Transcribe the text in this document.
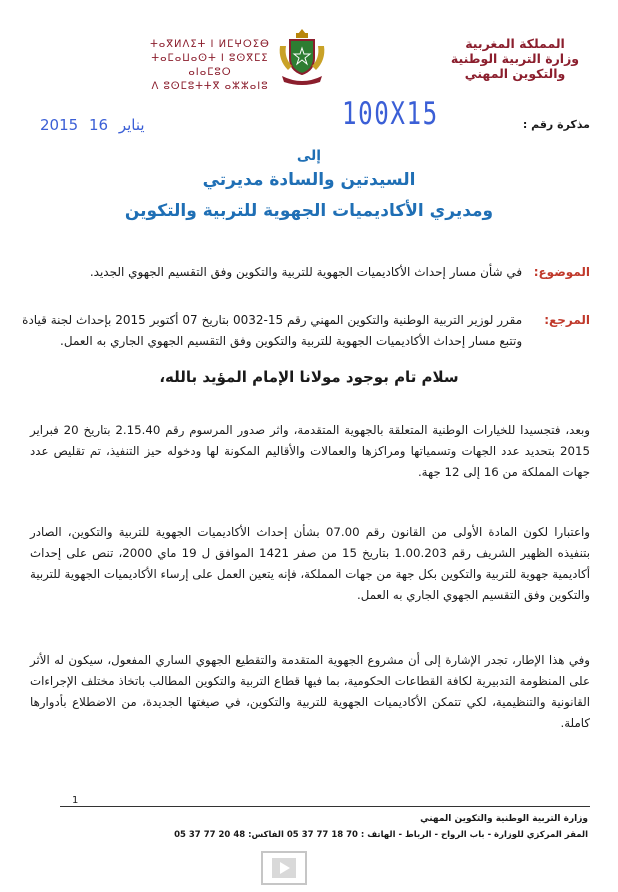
المملكة المغربية
وزارة التربية الوطنية
والتكوين المهني
ⵜⴰⴳⵍⴷⵉⵜ ⵏ ⵍⵎⵖⵔⵉⴱ
ⵜⴰⵎⴰⵡⴰⵙⵜ ⵏ ⵓⵙⴳⵎⵉ ⴰⵏⴰⵎⵓⵔ
ⴷ ⵓⵙⵎⵓⵜⵜⴳ ⴰⵣⵣⴰⵏⵓ
مذكرة رقم :
100X15
2015	يناير 16
إلى
السيدتين والسادة مديرتي
ومديري الأكاديميات الجهوية للتربية والتكوين
الموضوع: في شأن مسار إحداث الأكاديميات الجهوية للتربية والتكوين وفق التقسيم الجهوي الجديد.
المرجع: مقرر لوزير التربية الوطنية والتكوين المهني رقم 15-0032 بتاريخ 07 أكتوبر 2015 بإحداث لجنة قيادة وتتبع مسار إحداث الأكاديميات الجهوية للتربية والتكوين وفق التقسيم الجهوي الجاري به العمل.
سلام تام بوجود مولانا الإمام المؤيد بالله،
وبعد، فتجسيدا للخيارات الوطنية المتعلقة بالجهوية المتقدمة، واثر صدور المرسوم رقم 2.15.40 بتاريخ 20 فبراير 2015 بتحديد عدد الجهات وتسمياتها ومراكزها والعمالات والأقاليم المكونة لها ودخوله حيز التنفيذ، تم تقليص عدد جهات المملكة من 16 إلى 12 جهة.
واعتبارا لكون المادة الأولى من القانون رقم 07.00 بشأن إحداث الأكاديميات الجهوية للتربية والتكوين، الصادر بتنفيذه الظهير الشريف رقم 1.00.203 بتاريخ 15 من صفر 1421 الموافق ل 19 ماي 2000، تنص على إحداث أكاديمية جهوية للتربية والتكوين بكل جهة من جهات المملكة، فإنه يتعين العمل على إرساء الأكاديميات الجهوية للتربية والتكوين وفق التقسيم الجهوي الجاري به العمل.
وفي هذا الإطار، تجدر الإشارة إلى أن مشروع الجهوية المتقدمة والتقطيع الجهوي الساري المفعول، سيكون له الأثر على المنظومة التدبيرية لكافة القطاعات الحكومية، بما فيها قطاع التربية والتكوين المطالب باتخاذ مختلف الإجراءات القانونية والتنظيمية، لكي تتمكن الأكاديميات الجهوية للتربية والتكوين، في صيغتها الجديدة، من الاضطلاع بأدوارها كاملة.
1
وزارة التربية الوطنية والتكوين المهني
المقر المركزي للوزارة - باب الرواح - الرباط - الهاتف : 70 18 77 37 05 الفاكس: 48 20 77 37 05
